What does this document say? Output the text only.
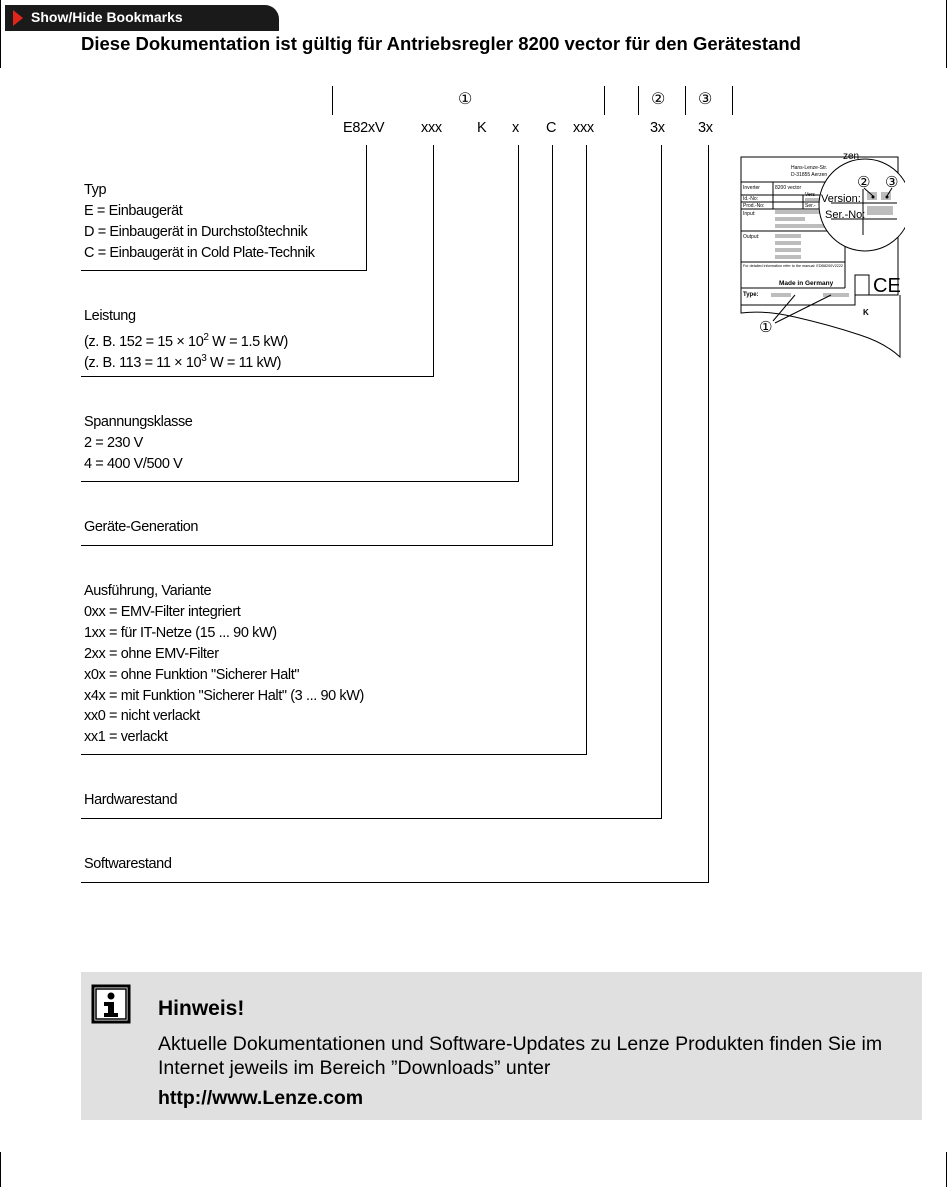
Show/Hide Bookmarks
Diese Dokumentation ist gültig für Antriebsregler 8200 vector für den Gerätestand
①	② ③
E82xV	xxx K x C xxx	3x 3x
Typ
E = Einbaugerät
D = Einbaugerät in Durchstoßtechnik
C = Einbaugerät in Cold Plate-Technik
Leistung
(z. B. $152 = 15 \times 10^2$ W = 1.5 kW)
(z. B. $113 = 11 \times 10^3$ W = 11 kW)
Spannungsklasse
2 = 230 V
4 = 400 V/500 V
Geräte-Generation
Ausführung, Variante
0xx = EMV-Filter integriert
1xx = für IT-Netze (15 ... 90 kW)
2xx = ohne EMV-Filter
x0x = ohne Funktion "Sicherer Halt"
x4x = mit Funktion "Sicherer Halt" (3 ... 90 kW)
xx0 = nicht verlackt
xx1 = verlackt
Hardwarestand
Softwarestand
Hans-Lenze-Str.
D-31855 Aerzen
Inverter	8200 vector
Id.-No:
Vers
Prod.-No:	Ser.-
Input:
Output:
For detailed information refer to the manual: EDB8200V2222
Made in Germany
Type:	CE
K
zen
Version:
Ser.-No:
② ③
①
Hinweis!
Aktuelle Dokumentationen und Software-Updates zu Lenze Produkten finden Sie im Internet jeweils im Bereich ”Downloads” unter
http://www.Lenze.com
